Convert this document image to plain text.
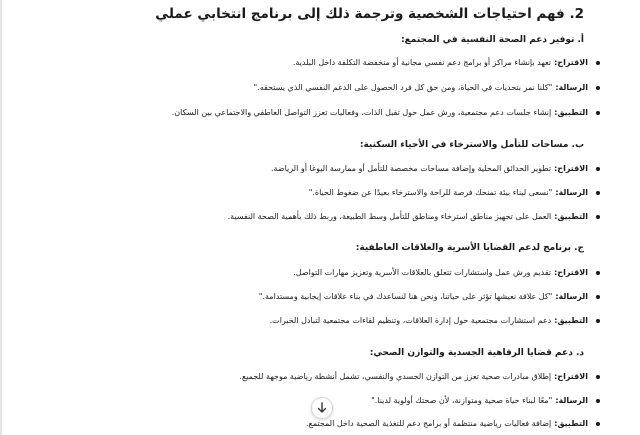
2. فهم احتياجات الشخصية وترجمة ذلك إلى برنامج انتخابي عملي
أ. توفير دعم الصحة النفسية في المجتمع:
الاقتراح:
تعهد بإنشاء مراكز أو برامج دعم نفسي مجانية أو منخفضة التكلفة داخل البلدية.
الرسالة:
"كلنا نمر بتحديات في الحياة، ومن حق كل فرد الحصول على الدعم النفسي الذي يستحقه."
التطبيق:
إنشاء جلسات دعم مجتمعية، ورش عمل حول تقبل الذات، وفعاليات تعزز التواصل العاطفي والاجتماعي بين السكان.
ب. مساحات للتأمل والاسترخاء في الأحياء السكنية:
الاقتراح:
تطوير الحدائق المحلية وإضافة مساحات مخصصة للتأمل أو ممارسة اليوغا أو الرياضة.
الرسالة:
"نسعى لبناء بيئة تمنحك فرصة للراحة والاسترخاء بعيدًا عن ضغوط الحياة."
التطبيق:
العمل على تجهيز مناطق استرخاء ومناطق للتأمل وسط الطبيعة، وربط ذلك بأهمية الصحة النفسية.
ج. برنامج لدعم القضايا الأسرية والعلاقات العاطفية:
الاقتراح:
تقديم ورش عمل واستشارات تتعلق بالعلاقات الأسرية وتعزيز مهارات التواصل.
الرسالة:
"كل علاقة نعيشها تؤثر على حياتنا، ونحن هنا لنساعدك في بناء علاقات إيجابية ومستدامة."
التطبيق:
دعم استشارات مجتمعية حول إدارة العلاقات، وتنظيم لقاءات مجتمعية لتبادل الخبرات.
د. دعم قضايا الرفاهية الجسدية والتوازن الصحي:
الاقتراح:
إطلاق مبادرات صحية تعزز من التوازن الجسدي والنفسي، تشمل أنشطة رياضية موجهة للجميع.
الرسالة:
"معًا لبناء حياة صحية ومتوازنة، لأن صحتك أولوية لدينا."
التطبيق:
إضافة فعاليات رياضية منتظمة أو برامج دعم للتغذية الصحية داخل المجتمع.
